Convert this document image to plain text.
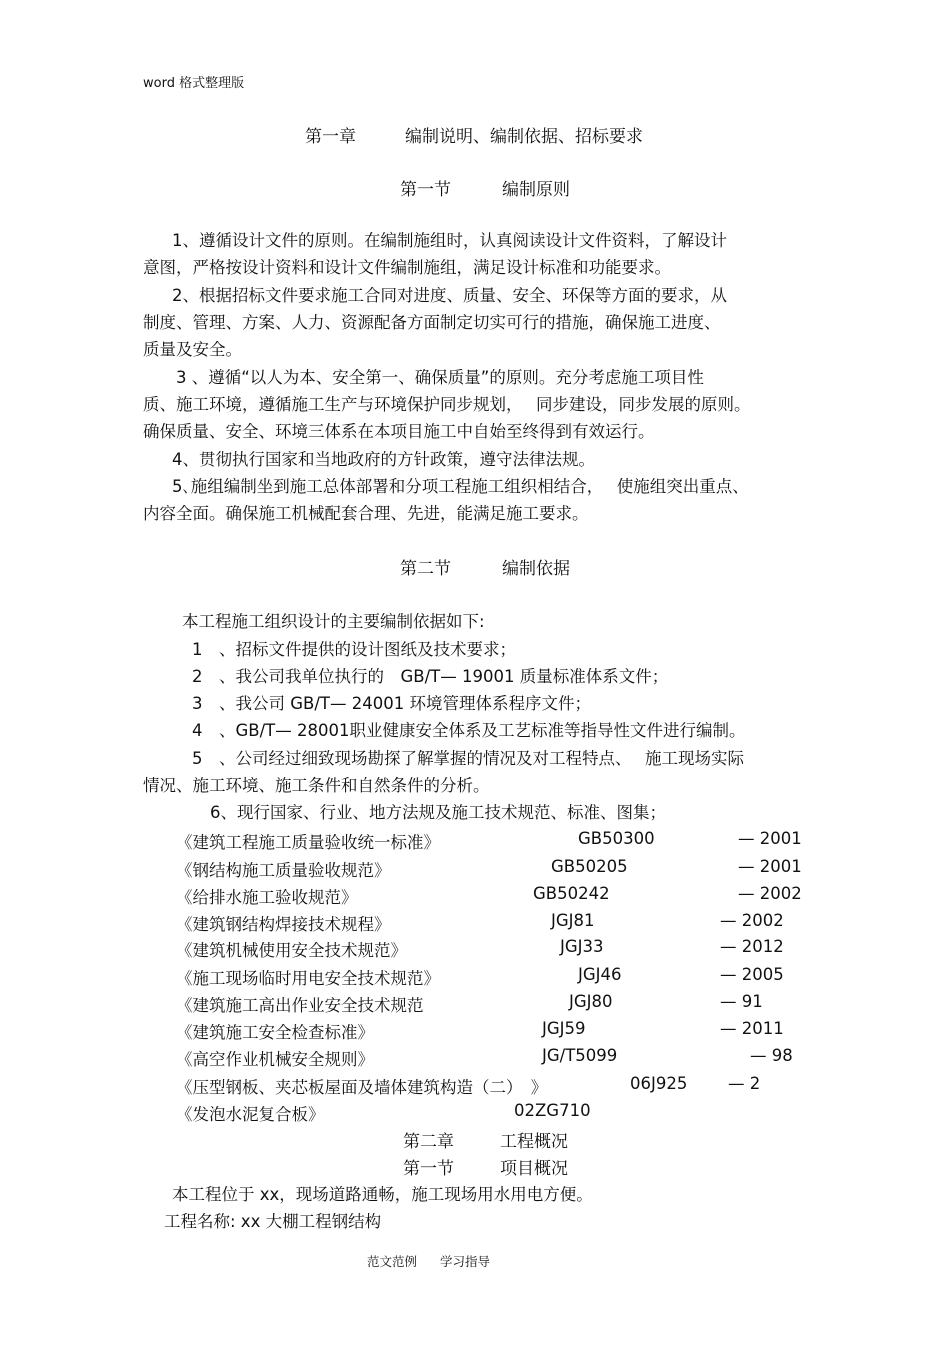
word 格式整理版
第一章	编制说明、编制依据、招标要求
第一节	编制原则
1、遵循设计文件的原则。在编制施组时，认真阅读设计文件资料，了解设计
意图，严格按设计资料和设计文件编制施组，满足设计标准和功能要求。
2、根据招标文件要求施工合同对进度、质量、安全、环保等方面的要求，从
制度、管理、方案、人力、资源配备方面制定切实可行的措施，确保施工进度、
质量及安全。
3 、遵循“以人为本、安全第一、确保质量”的原则。充分考虑施工项目性
质、施工环境，遵循施工生产与环境保护同步规划，　 同步建设，同步发展的原则。
确保质量、安全、环境三体系在本项目施工中自始至终得到有效运行。
4、贯彻执行国家和当地政府的方针政策，遵守法律法规。
5､施组编制坐到施工总体部署和分项工程施工组织相结合，　 使施组突出重点、
内容全面。确保施工机械配套合理、先进，能满足施工要求。
第二节	编制依据
本工程施工组织设计的主要编制依据如下:
1　、招标文件提供的设计图纸及技术要求；
2　、我公司我单位执行的　GB/T— 19001 质量标准体系文件；
3　、我公司 GB/T— 24001 环境管理体系程序文件；
4　、GB/T— 28001职业健康安全体系及工艺标准等指导性文件进行编制。
5　、公司经过细致现场勘探了解掌握的情况及对工程特点、　 施工现场实际
情况、施工环境、施工条件和自然条件的分析。
6、现行国家、行业、地方法规及施工技术规范、标准、图集；
《建筑工程施工质量验收统一标准》	GB50300	— 2001
《钢结构施工质量验收规范》	GB50205	— 2001
《给排水施工验收规范》	GB50242	— 2002
《建筑钢结构焊接技术规程》	JGJ81	— 2002
《建筑机械使用安全技术规范》	JGJ33	— 2012
《施工现场临时用电安全技术规范》	JGJ46	— 2005
《建筑施工高出作业安全技术规范	JGJ80	— 91
《建筑施工安全检查标准》	JGJ59	— 2011
《高空作业机械安全规则》	JG/T5099	— 98
《压型钢板、夹芯板屋面及墙体建筑构造（二）　》	06J925 — 2
《发泡水泥复合板》	02ZG710
第二章	工程概况
第一节	项目概况
本工程位于 xx，现场道路通畅，施工现场用水用电方便。
工程名称: xx 大棚工程钢结构
范文范例 学习指导
